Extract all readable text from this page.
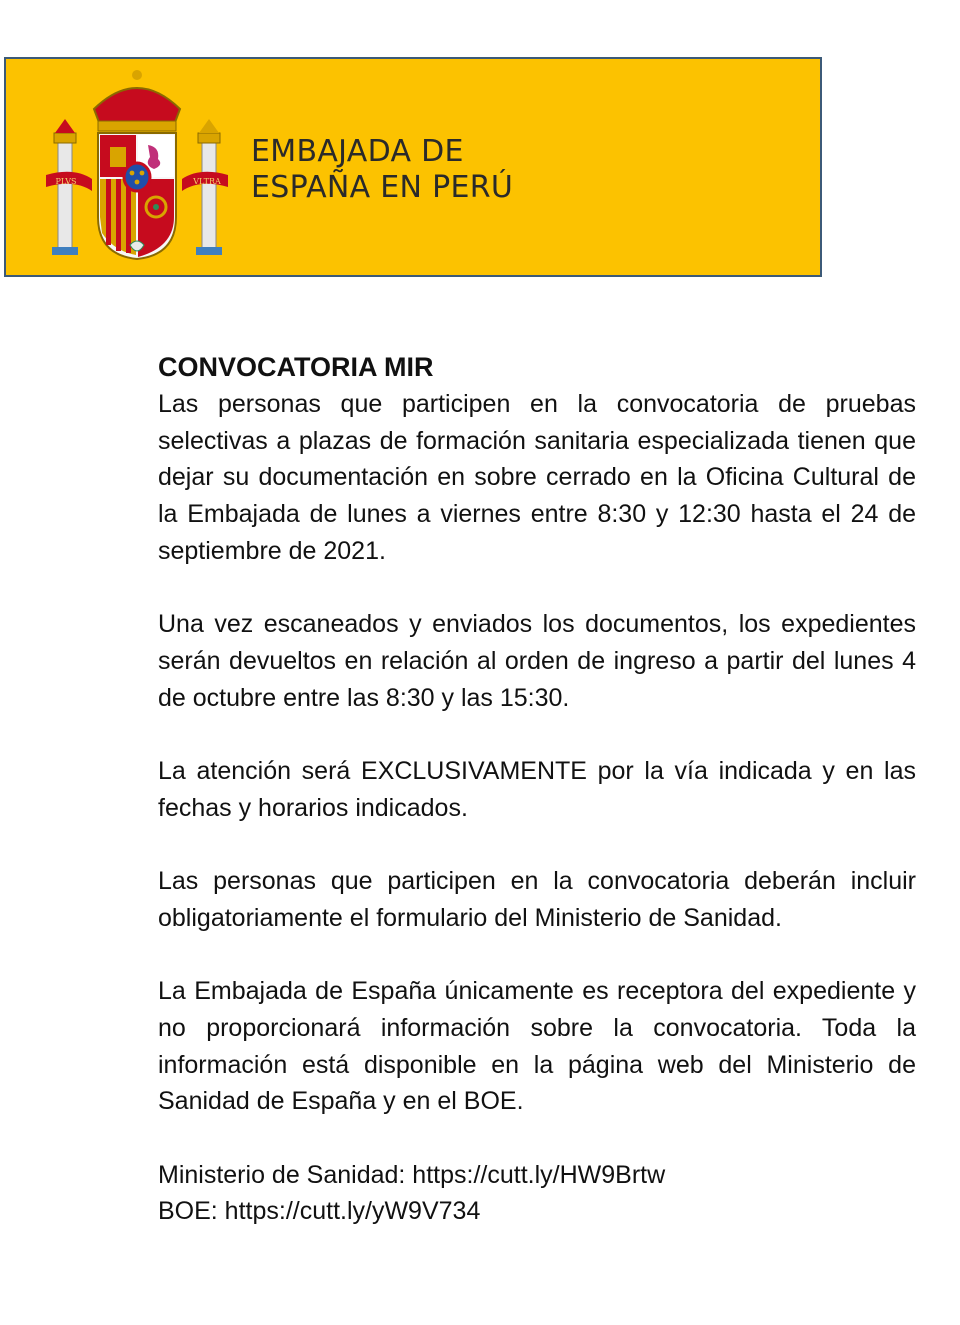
PLVS	VLTRA
EMBAJADA DE
ESPAÑA EN PERÚ
CONVOCATORIA MIR

Las personas que participen en la convocatoria de pruebas selectivas a plazas de formación sanitaria especializada tienen que dejar su documentación en sobre cerrado en la Oficina Cultural de la Embajada de lunes a viernes entre 8:30 y 12:30 hasta el 24 de septiembre de 2021.

Una vez escaneados y enviados los documentos, los expedientes serán devueltos en relación al orden de ingreso a partir del lunes 4 de octubre entre las 8:30 y las 15:30.

La atención será EXCLUSIVAMENTE por la vía indicada y en las fechas y horarios indicados.

Las personas que participen en la convocatoria deberán incluir obligatoriamente el formulario del Ministerio de Sanidad.

La Embajada de España únicamente es receptora del expediente y no proporcionará información sobre la convocatoria. Toda la información está disponible en la página web del Ministerio de Sanidad de España y en el BOE.

Ministerio de Sanidad: https://cutt.ly/HW9Brtw
BOE: https://cutt.ly/yW9V734
